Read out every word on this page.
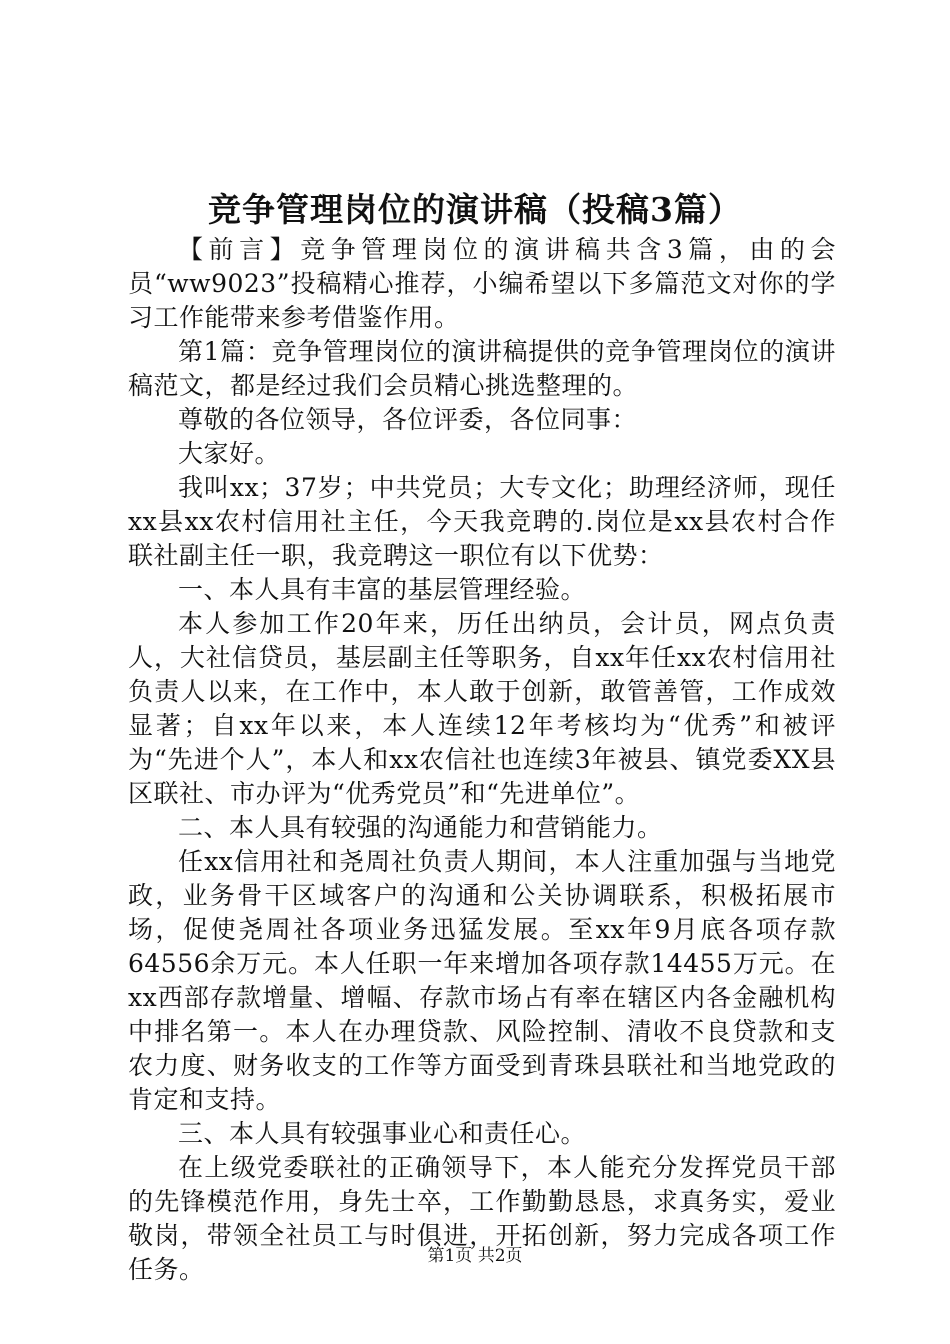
竞争管理岗位的演讲稿（投稿3篇）

【前言】竞争管理岗位的演讲稿共含3篇，由的会员“ww9023”投稿精心推荐，小编希望以下多篇范文对你的学习工作能带来参考借鉴作用。

第1篇：竞争管理岗位的演讲稿提供的竞争管理岗位的演讲稿范文，都是经过我们会员精心挑选整理的。

尊敬的各位领导，各位评委，各位同事：

大家好。

我叫xx；37岁；中共党员；大专文化；助理经济师，现任xx县xx农村信用社主任，今天我竞聘的.岗位是xx县农村合作联社副主任一职，我竞聘这一职位有以下优势：

一、本人具有丰富的基层管理经验。

本人参加工作20年来，历任出纳员，会计员，网点负责人，大社信贷员，基层副主任等职务，自xx年任xx农村信用社负责人以来，在工作中，本人敢于创新，敢管善管，工作成效显著；自xx年以来，本人连续12年考核均为“优秀”和被评为“先进个人”，本人和xx农信社也连续3年被县、镇党委XX县区联社、市办评为“优秀党员”和“先进单位”。

二、本人具有较强的沟通能力和营销能力。

任xx信用社和尧周社负责人期间，本人注重加强与当地党政，业务骨干区域客户的沟通和公关协调联系，积极拓展市场，促使尧周社各项业务迅猛发展。至xx年9月底各项存款64556余万元。本人任职一年来增加各项存款14455万元。在xx西部存款增量、增幅、存款市场占有率在辖区内各金融机构中排名第一。本人在办理贷款、风险控制、清收不良贷款和支农力度、财务收支的工作等方面受到青珠县联社和当地党政的肯定和支持。

三、本人具有较强事业心和责任心。

在上级党委联社的正确领导下，本人能充分发挥党员干部的先锋模范作用，身先士卒，工作勤勤恳恳，求真务实，爱业敬岗，带领全社员工与时俱进，开拓创新，努力完成各项工作任务。	第1页 共2页
